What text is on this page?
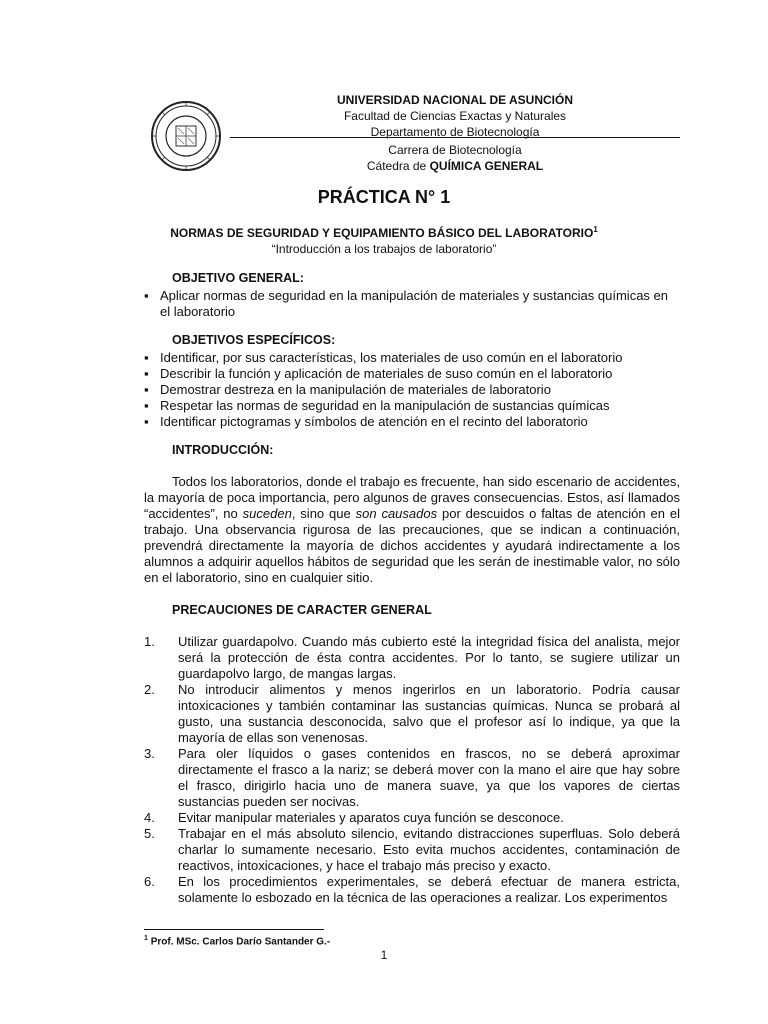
UNIVERSIDAD NACIONAL DE ASUNCIÓN
Facultad de Ciencias Exactas y Naturales
Departamento de Biotecnología
Carrera de Biotecnología
Cátedra de QUÍMICA GENERAL
PRÁCTICA N° 1
NORMAS DE SEGURIDAD Y EQUIPAMIENTO BÁSICO DEL LABORATORIO$^1$
“Introducción a los trabajos de laboratorio”
OBJETIVO GENERAL:
▪ Aplicar normas de seguridad en la manipulación de materiales y sustancias químicas en el laboratorio
OBJETIVOS ESPECÍFICOS:
▪ Identificar, por sus características, los materiales de uso común en el laboratorio
▪ Describir la función y aplicación de materiales de suso común en el laboratorio
▪ Demostrar destreza en la manipulación de materiales de laboratorio
▪ Respetar las normas de seguridad en la manipulación de sustancias químicas
▪ Identificar pictogramas y símbolos de atención en el recinto del laboratorio
INTRODUCCIÓN:

Todos los laboratorios, donde el trabajo es frecuente, han sido escenario de accidentes, la mayoría de poca importancia, pero algunos de graves consecuencias. Estos, así llamados “accidentes”, no suceden, sino que son causados por descuidos o faltas de atención en el trabajo. Una observancia rigurosa de las precauciones, que se indican a continuación, prevendrá directamente la mayoría de dichos accidentes y ayudará indirectamente a los alumnos a adquirir aquellos hábitos de seguridad que les serán de inestimable valor, no sólo en el laboratorio, sino en cualquier sitio.

PRECAUCIONES DE CARACTER GENERAL
1. Utilizar guardapolvo. Cuando más cubierto esté la integridad física del analista, mejor será la protección de ésta contra accidentes. Por lo tanto, se sugiere utilizar un guardapolvo largo, de mangas largas.
2. No introducir alimentos y menos ingerirlos en un laboratorio. Podría causar intoxicaciones y también contaminar las sustancias químicas. Nunca se probará al gusto, una sustancia desconocida, salvo que el profesor así lo indique, ya que la mayoría de ellas son venenosas.
3. Para oler líquidos o gases contenidos en frascos, no se deberá aproximar directamente el frasco a la nariz; se deberá mover con la mano el aire que hay sobre el frasco, dirigirlo hacia uno de manera suave, ya que los vapores de ciertas sustancias pueden ser nocivas.
4. Evitar manipular materiales y aparatos cuya función se desconoce.
5. Trabajar en el más absoluto silencio, evitando distracciones superfluas. Solo deberá charlar lo sumamente necesario. Esto evita muchos accidentes, contaminación de reactivos, intoxicaciones, y hace el trabajo más preciso y exacto.
6. En los procedimientos experimentales, se deberá efectuar de manera estricta, solamente lo esbozado en la técnica de las operaciones a realizar. Los experimentos
$^1$ Prof. MSc. Carlos Darío Santander G.-
1
